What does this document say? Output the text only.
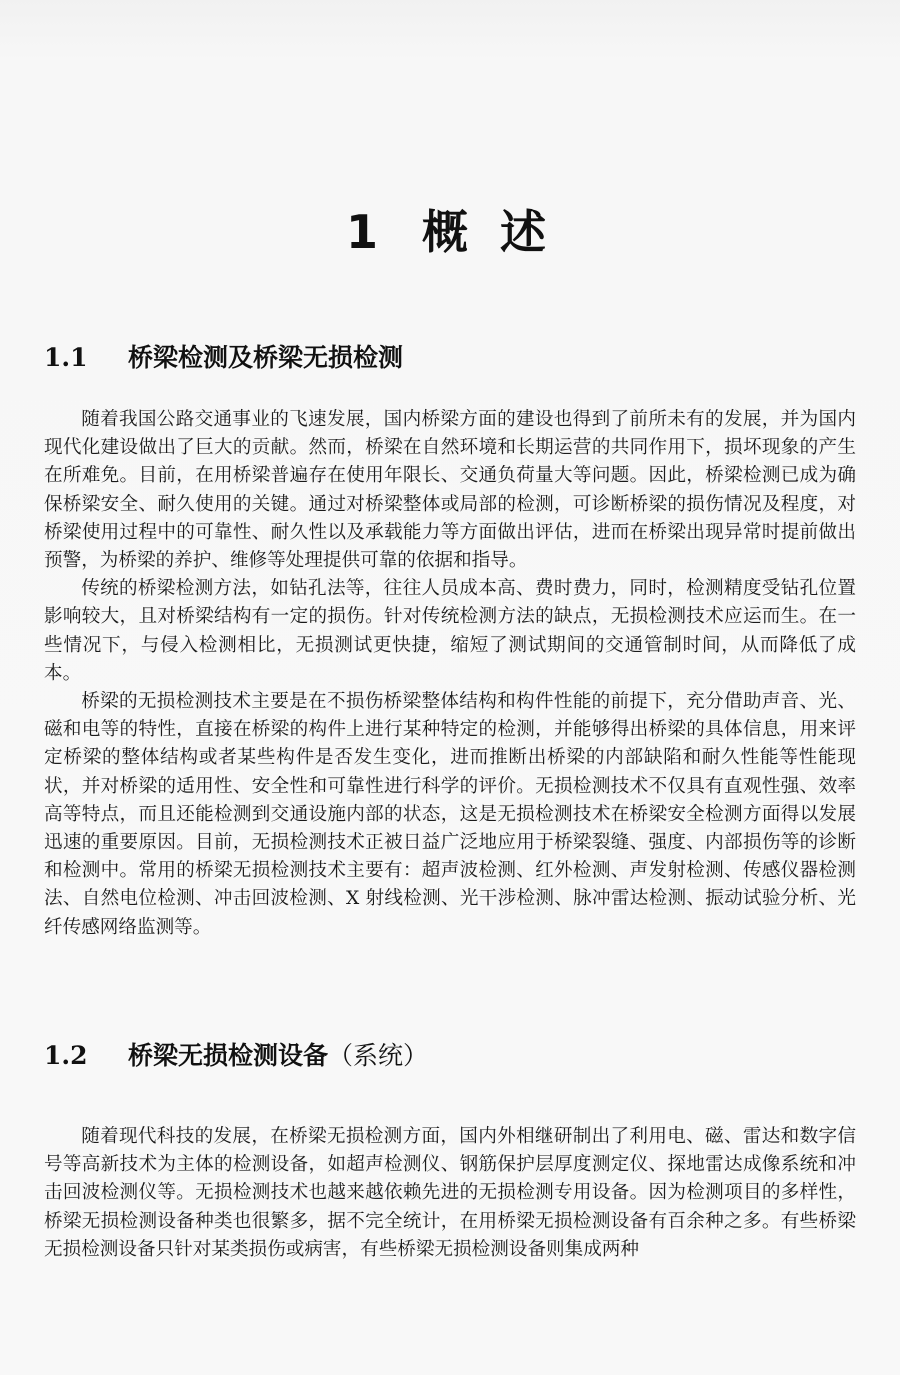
1 概 述
1.1 桥梁检测及桥梁无损检测

随着我国公路交通事业的飞速发展，国内桥梁方面的建设也得到了前所未有的发展，并为国内现代化建设做出了巨大的贡献。然而，桥梁在自然环境和长期运营的共同作用下，损坏现象的产生在所难免。目前，在用桥梁普遍存在使用年限长、交通负荷量大等问题。因此，桥梁检测已成为确保桥梁安全、耐久使用的关键。通过对桥梁整体或局部的检测，可诊断桥梁的损伤情况及程度，对桥梁使用过程中的可靠性、耐久性以及承载能力等方面做出评估，进而在桥梁出现异常时提前做出预警，为桥梁的养护、维修等处理提供可靠的依据和指导。

传统的桥梁检测方法，如钻孔法等，往往人员成本高、费时费力，同时，检测精度受钻孔位置影响较大，且对桥梁结构有一定的损伤。针对传统检测方法的缺点，无损检测技术应运而生。在一些情况下，与侵入检测相比，无损测试更快捷，缩短了测试期间的交通管制时间，从而降低了成本。

桥梁的无损检测技术主要是在不损伤桥梁整体结构和构件性能的前提下，充分借助声音、光、磁和电等的特性，直接在桥梁的构件上进行某种特定的检测，并能够得出桥梁的具体信息，用来评定桥梁的整体结构或者某些构件是否发生变化，进而推断出桥梁的内部缺陷和耐久性能等性能现状，并对桥梁的适用性、安全性和可靠性进行科学的评价。无损检测技术不仅具有直观性强、效率高等特点，而且还能检测到交通设施内部的状态，这是无损检测技术在桥梁安全检测方面得以发展迅速的重要原因。目前，无损检测技术正被日益广泛地应用于桥梁裂缝、强度、内部损伤等的诊断和检测中。常用的桥梁无损检测技术主要有：超声波检测、红外检测、声发射检测、传感仪器检测法、自然电位检测、冲击回波检测、X 射线检测、光干涉检测、脉冲雷达检测、振动试验分析、光纤传感网络监测等。

1.2 桥梁无损检测设备（系统）

随着现代科技的发展，在桥梁无损检测方面，国内外相继研制出了利用电、磁、雷达和数字信号等高新技术为主体的检测设备，如超声检测仪、钢筋保护层厚度测定仪、探地雷达成像系统和冲击回波检测仪等。无损检测技术也越来越依赖先进的无损检测专用设备。因为检测项目的多样性，桥梁无损检测设备种类也很繁多，据不完全统计，在用桥梁无损检测设备有百余种之多。有些桥梁无损检测设备只针对某类损伤或病害，有些桥梁无损检测设备则集成两种
